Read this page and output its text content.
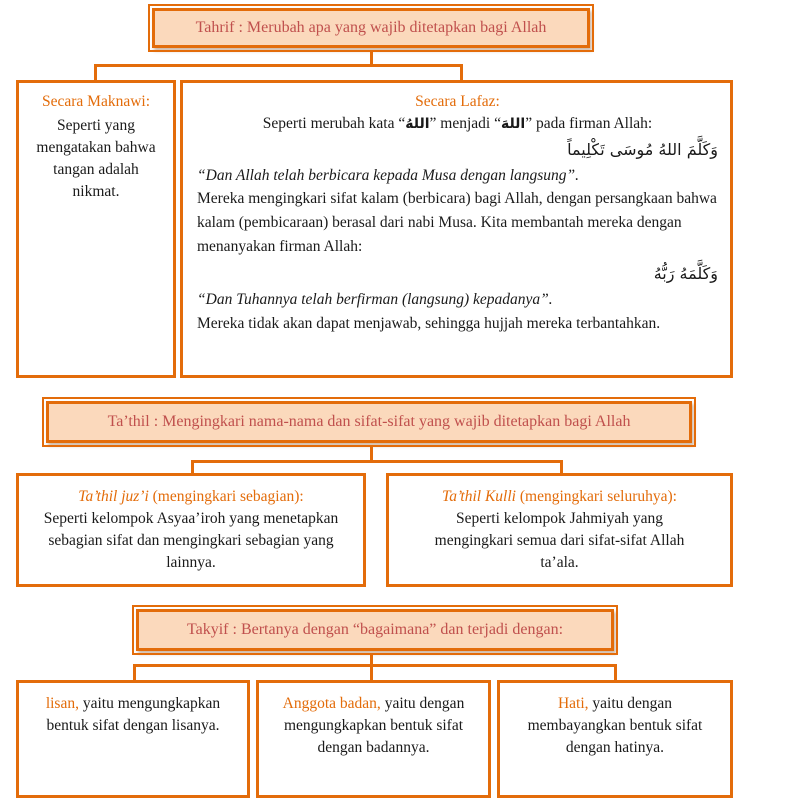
Tahrif : Merubah apa yang wajib ditetapkan bagi Allah
Secara Maknawi:
Seperti yang mengatakan bahwa tangan adalah nikmat.
Secara Lafaz:
Seperti merubah kata “اللهُ” menjadi “اللهَ” pada firman Allah:
وَكَلَّمَ اللهُ مُوسَى تَكْلِيماً
“Dan Allah telah berbicara kepada Musa dengan langsung”.
Mereka mengingkari sifat kalam (berbicara) bagi Allah, dengan persangkaan bahwa kalam (pembicaraan) berasal dari nabi Musa. Kita membantah mereka dengan menanyakan firman Allah:
وَكَلَّمَهُ رَبُّهُ
“Dan Tuhannya telah berfirman (langsung) kepadanya”.
Mereka tidak akan dapat menjawab, sehingga hujjah mereka terbantahkan.
Ta’thil : Mengingkari nama-nama dan sifat-sifat yang wajib ditetapkan bagi Allah
Ta’thil juz’i (mengingkari sebagian):
Seperti kelompok Asyaa’iroh yang menetapkan sebagian sifat dan mengingkari sebagian yang lainnya.
Ta’thil Kulli (mengingkari seluruhya):
Seperti kelompok Jahmiyah yang mengingkari semua dari sifat-sifat Allah ta’ala.
Takyif : Bertanya dengan “bagaimana” dan terjadi dengan:
lisan, yaitu mengungkapkan bentuk sifat dengan lisanya.
Anggota badan, yaitu dengan mengungkapkan bentuk sifat dengan badannya.
Hati, yaitu dengan membayangkan bentuk sifat dengan hatinya.
